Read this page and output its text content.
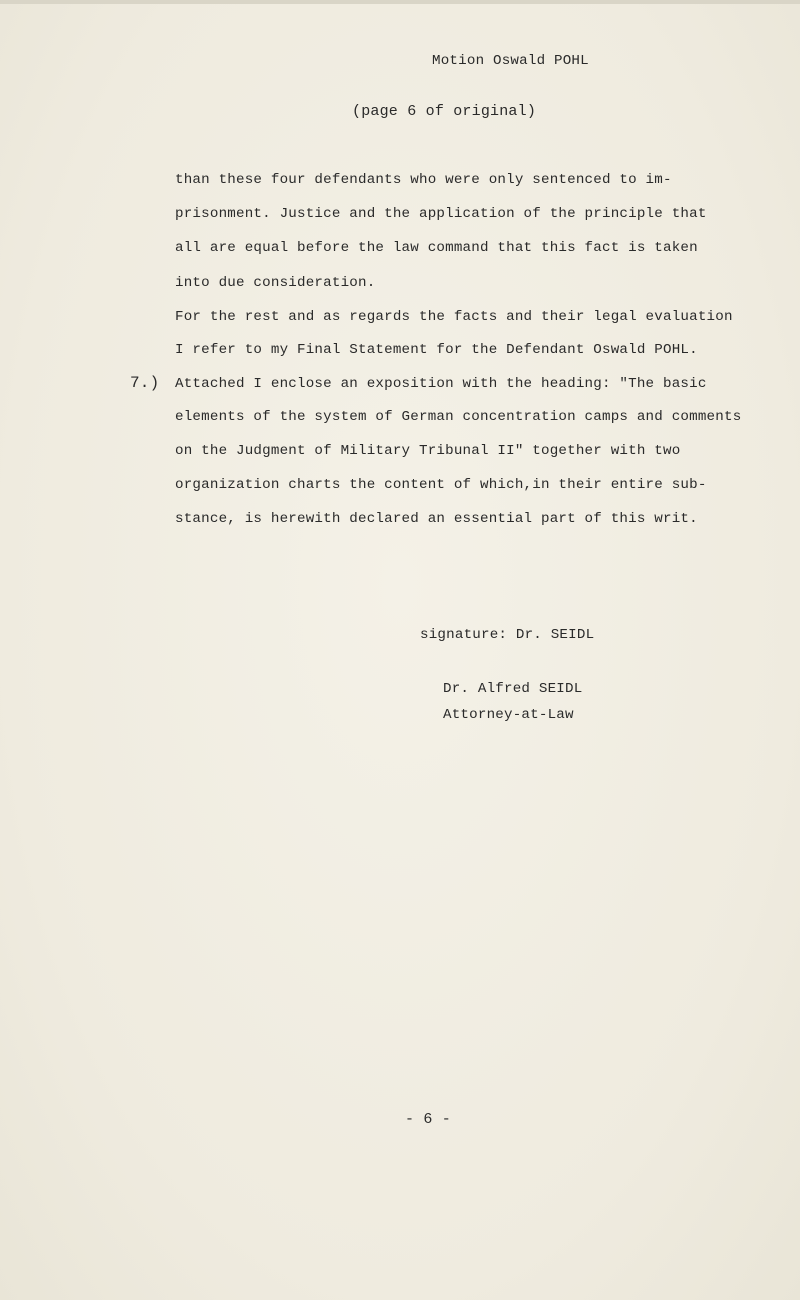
Motion Oswald POHL
(page 6 of original)
than these four defendants who were only sentenced to im-
prisonment. Justice and the application of the principle that
all are equal before the law command that this fact is taken
into due consideration.
For the rest and as regards the facts and their legal evaluation
I refer to my Final Statement for the Defendant Oswald POHL.
7.) Attached I enclose an exposition with the heading: "The basic
elements of the system of German concentration camps and comments
on the Judgment of Military Tribunal II" together with two
organization charts the content of which,in their entire sub-
stance, is herewith declared an essential part of this writ.
signature: Dr. SEIDL
Dr. Alfred SEIDL
Attorney-at-Law
- 6 -
